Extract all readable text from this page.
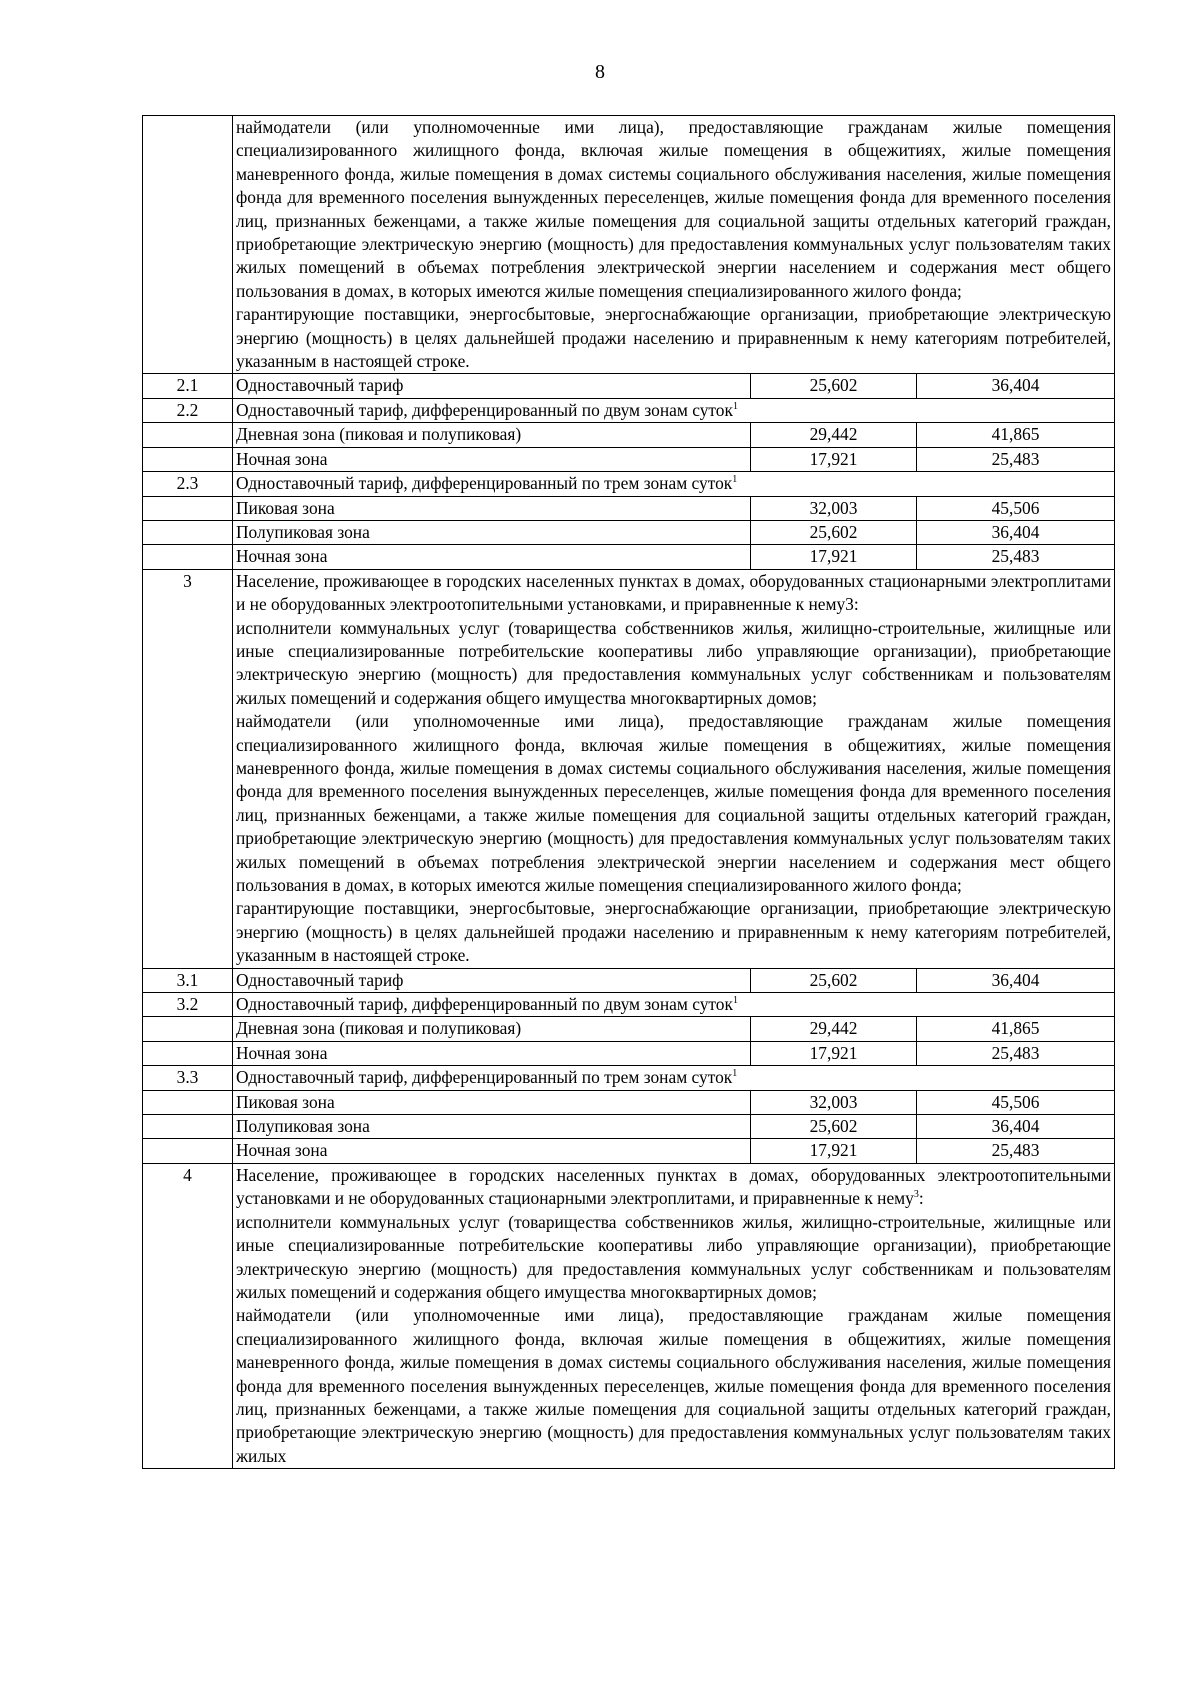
8

	наймодатели (или уполномоченные ими лица), предоставляющие гражданам жилые помещения специализированного жилищного фонда, включая жилые помещения в общежитиях, жилые помещения маневренного фонда, жилые помещения в домах системы социального обслуживания населения, жилые помещения фонда для временного поселения вынужденных переселенцев, жилые помещения фонда для временного поселения лиц, признанных беженцами, а также жилые помещения для социальной защиты отдельных категорий граждан, приобретающие электрическую энергию (мощность) для предоставления коммунальных услуг пользователям таких жилых помещений в объемах потребления электрической энергии населением и содержания мест общего пользования в домах, в которых имеются жилые помещения специализированного жилого фонда;

гарантирующие поставщики, энергосбытовые, энергоснабжающие организации, приобретающие электрическую энергию (мощность) в целях дальнейшей продажи населению и приравненным к нему категориям потребителей, указанным в настоящей строке.		

2.1	Одноставочный тариф	25,602	36,404
2.2	Одноставочный тариф, дифференцированный по двум зонам суток$^1$
	Дневная зона (пиковая и полупиковая)	29,442	41,865
	Ночная зона	17,921	25,483
2.3	Одноставочный тариф, дифференцированный по трем зонам суток$^1$
	Пиковая зона	32,003	45,506
	Полупиковая зона	25,602	36,404
	Ночная зона	17,921	25,483
3	Население, проживающее в городских населенных пунктах в домах, оборудованных стационарными электроплитами и не оборудованных электроотопительными установками, и приравненные к нему3:

исполнители коммунальных услуг (товарищества собственников жилья, жилищно-строительные, жилищные или иные специализированные потребительские кооперативы либо управляющие организации), приобретающие электрическую энергию (мощность) для предоставления коммунальных услуг собственникам и пользователям жилых помещений и содержания общего имущества многоквартирных домов;

наймодатели (или уполномоченные ими лица), предоставляющие гражданам жилые помещения специализированного жилищного фонда, включая жилые помещения в общежитиях, жилые помещения маневренного фонда, жилые помещения в домах системы социального обслуживания населения, жилые помещения фонда для временного поселения вынужденных переселенцев, жилые помещения фонда для временного поселения лиц, признанных беженцами, а также жилые помещения для социальной защиты отдельных категорий граждан, приобретающие электрическую энергию (мощность) для предоставления коммунальных услуг пользователям таких жилых помещений в объемах потребления электрической энергии населением и содержания мест общего пользования в домах, в которых имеются жилые помещения специализированного жилого фонда;

гарантирующие поставщики, энергосбытовые, энергоснабжающие организации, приобретающие электрическую энергию (мощность) в целях дальнейшей продажи населению и приравненным к нему категориям потребителей, указанным в настоящей строке.		

3.1	Одноставочный тариф	25,602	36,404
3.2	Одноставочный тариф, дифференцированный по двум зонам суток$^1$
	Дневная зона (пиковая и полупиковая)	29,442	41,865
	Ночная зона	17,921	25,483
3.3	Одноставочный тариф, дифференцированный по трем зонам суток$^1$
	Пиковая зона	32,003	45,506
	Полупиковая зона	25,602	36,404
	Ночная зона	17,921	25,483
4	Население, проживающее в городских населенных пунктах в домах, оборудованных электроотопительными установками и не оборудованных стационарными электроплитами, и приравненные к нему$^3$:

исполнители коммунальных услуг (товарищества собственников жилья, жилищно-строительные, жилищные или иные специализированные потребительские кооперативы либо управляющие организации), приобретающие электрическую энергию (мощность) для предоставления коммунальных услуг собственникам и пользователям жилых помещений и содержания общего имущества многоквартирных домов;

наймодатели (или уполномоченные ими лица), предоставляющие гражданам жилые помещения специализированного жилищного фонда, включая жилые помещения в общежитиях, жилые помещения маневренного фонда, жилые помещения в домах системы социального обслуживания населения, жилые помещения фонда для временного поселения вынужденных переселенцев, жилые помещения фонда для временного поселения лиц, признанных беженцами, а также жилые помещения для социальной защиты отдельных категорий граждан, приобретающие электрическую энергию (мощность) для предоставления коммунальных услуг пользователям таких жилых		
